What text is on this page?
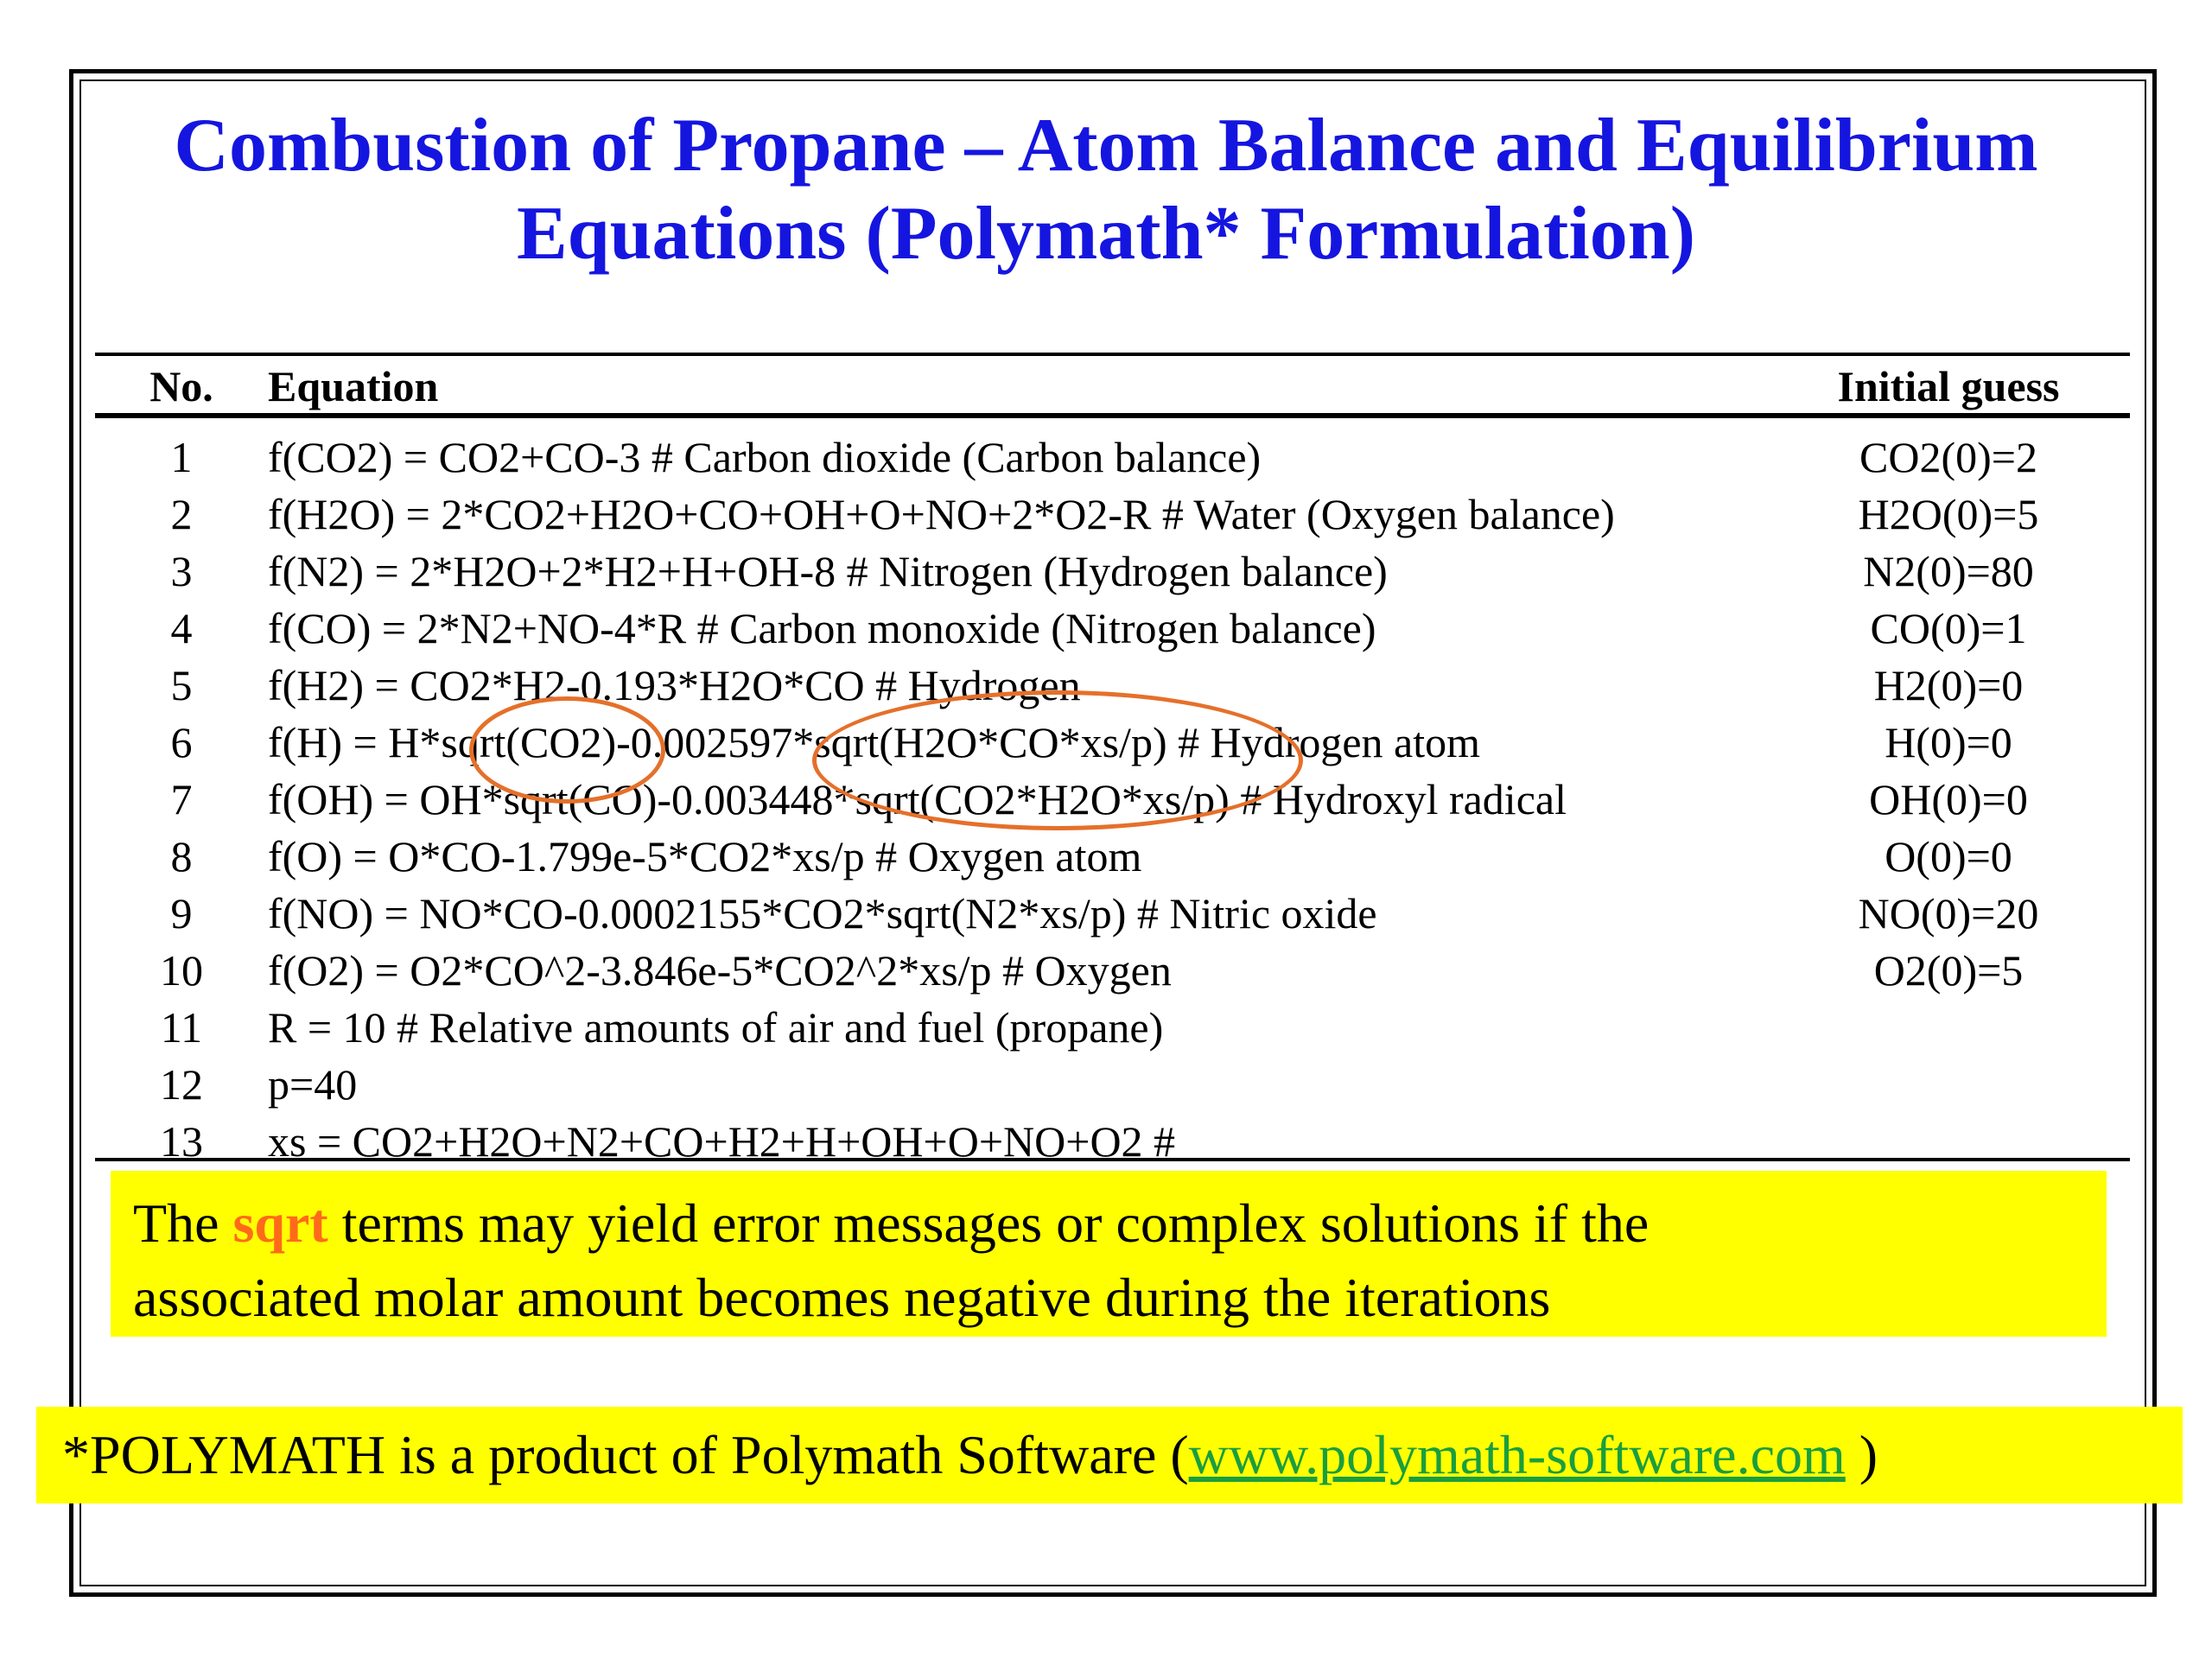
Combustion of Propane – Atom Balance and Equilibrium
Equations (Polymath* Formulation)
No.	Equation	Initial guess
1	f(CO2) = CO2+CO-3 # Carbon dioxide (Carbon balance)	CO2(0)=2
2	f(H2O) = 2*CO2+H2O+CO+OH+O+NO+2*O2-R # Water (Oxygen balance)	H2O(0)=5
3	f(N2) = 2*H2O+2*H2+H+OH-8 # Nitrogen (Hydrogen balance)	N2(0)=80
4	f(CO) = 2*N2+NO-4*R # Carbon monoxide (Nitrogen balance)	CO(0)=1
5	f(H2) = CO2*H2-0.193*H2O*CO # Hydrogen	H2(0)=0
6	f(H) = H*sqrt(CO2)-0.002597*sqrt(H2O*CO*xs/p) # Hydrogen atom	H(0)=0
7	f(OH) = OH*sqrt(CO)-0.003448*sqrt(CO2*H2O*xs/p) # Hydroxyl radical	OH(0)=0
8	f(O) = O*CO-1.799e-5*CO2*xs/p # Oxygen atom	O(0)=0
9	f(NO) = NO*CO-0.0002155*CO2*sqrt(N2*xs/p) # Nitric oxide	NO(0)=20
10	f(O2) = O2*CO^2-3.846e-5*CO2^2*xs/p # Oxygen	O2(0)=5
11	R = 10 # Relative amounts of air and fuel (propane)	
12	p=40	
13	xs = CO2+H2O+N2+CO+H2+H+OH+O+NO+O2 #	
The sqrt terms may yield error messages or complex solutions if the
associated molar amount becomes negative during the iterations
*POLYMATH is a product of Polymath Software (www.polymath-software.com )
